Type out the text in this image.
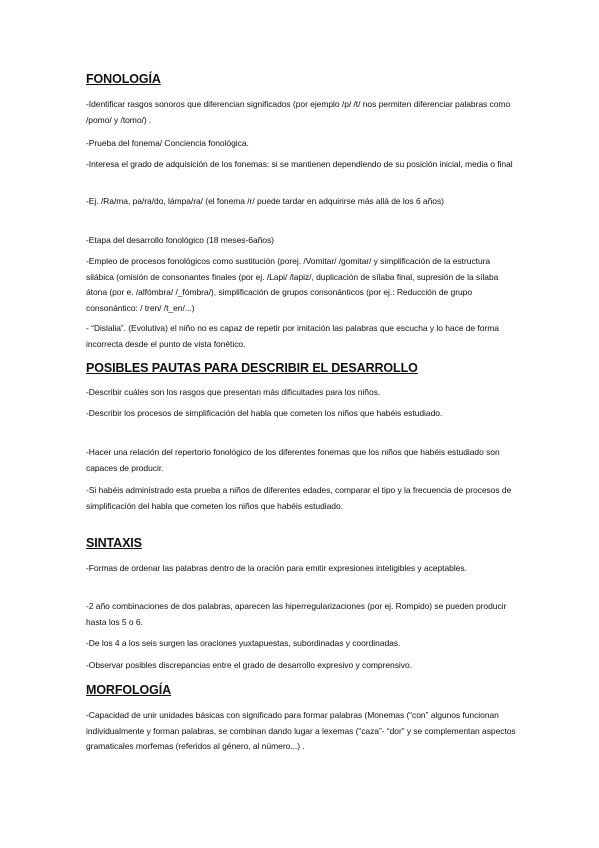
FONOLOGÍA
-Identificar rasgos sonoros que diferencian significados (por ejemplo /p/ /t/ nos permiten diferenciar palabras como /pomo/ y /tomo/) .
-Prueba del fonema/ Conciencia fonológica.
-Interesa el grado de adquisición de los fonemas: si se mantienen dependiendo de su posición inicial, media o final
-Ej. /Ra/ma, pa/ra/do, lámpa/ra/ (el fonema /r/ puede tardar en adquirirse más allá de los 6 años)
-Etapa del desarrollo fonológico (18 meses-6años)
-Empleo de procesos fonológicos como sustitución (porej. /Vomitar/ /gomitar/ y simplificación de la estructura silábica (omisión de consonantes finales (por ej. /Lapi/ /lapiz/, duplicación de sílaba final, supresión de la sílaba átona (por e. /alfómbra/ /_fómbra/), simplificación de grupos consonánticos (por ej.: Reducción de grupo consonántico: / tren/ /t_en/...)
- “Dislalia”. (Evolutiva) el niño no es capaz de repetir por imitación las palabras que escucha y lo hace de forma incorrecta desde el punto de vista fonético.
POSIBLES PAUTAS PARA DESCRIBIR EL DESARROLLO
-Describir cuáles son los rasgos que presentan más dificultades para los niños.
-Describir los procesos de simplificación del habla que cometen los niños que habéis estudiado.
-Hacer una relación del repertorio fonológico de los diferentes fonemas que los niños que habéis estudiado son capaces de producir.
-Si habéis administrado esta prueba a niños de diferentes edades, comparar el tipo y la frecuencia de procesos de simplificación del habla que cometen los niños que habéis estudiado.
SINTAXIS
-Formas de ordenar las palabras dentro de la oración para emitir expresiones inteligibles y aceptables.
-2 año combinaciones de dos palabras, aparecen las hiperregularizaciones (por ej. Rompido) se pueden producir hasta los 5 o 6.
-De los 4 a los seis surgen las oraciones yuxtapuestas, subordinadas y coordinadas.
-Observar posibles discrepancias entre el grado de desarrollo expresivo y comprensivo.
MORFOLOGÍA
-Capacidad de unir unidades básicas con significado para formar palabras (Monemas (“con” algunos funcionan individualmente y forman palabras, se combinan dando lugar a lexemas (“caza”- “dor” y se complementan aspectos gramaticales morfemas (referidos al género, al número...) .
